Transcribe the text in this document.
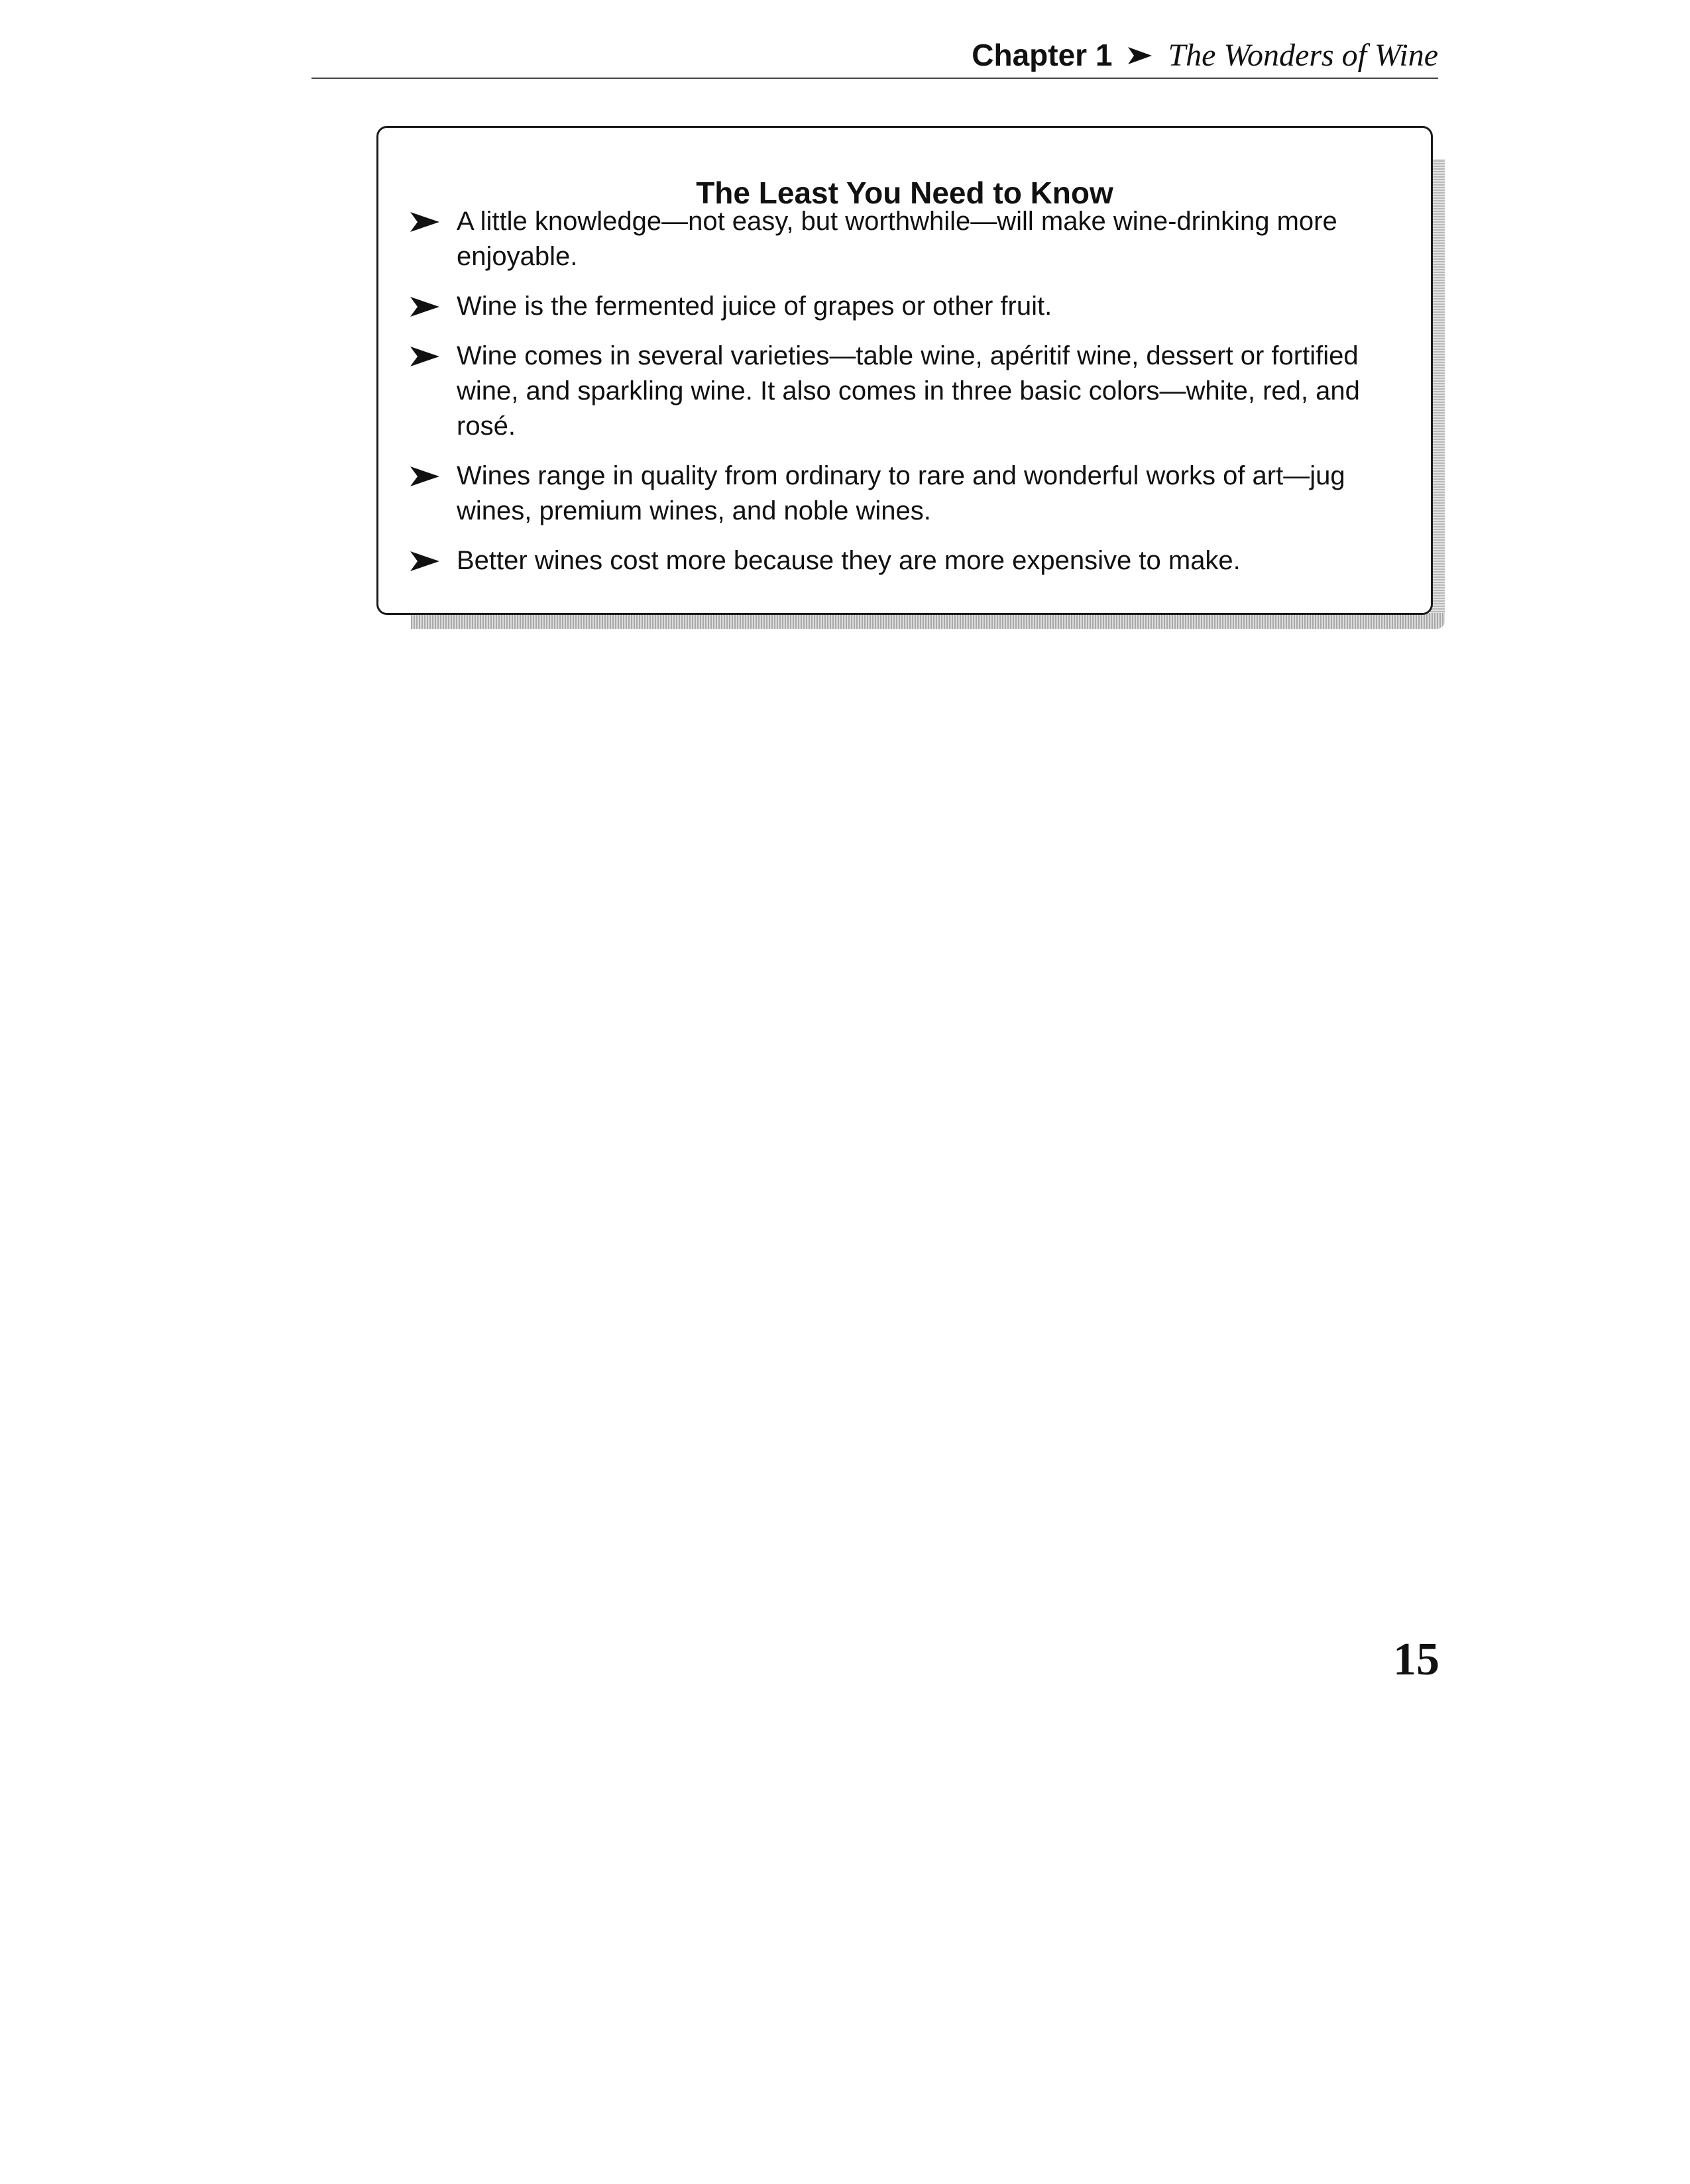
Chapter 1 The Wonders of Wine
The Least You Need to Know
A little knowledge—not easy, but worthwhile—will make wine-drinking more enjoyable.
Wine is the fermented juice of grapes or other fruit.
Wine comes in several varieties—table wine, apéritif wine, dessert or fortified wine, and sparkling wine. It also comes in three basic colors—white, red, and rosé.
Wines range in quality from ordinary to rare and wonderful works of art—jug wines, premium wines, and noble wines.
Better wines cost more because they are more expensive to make.
15
